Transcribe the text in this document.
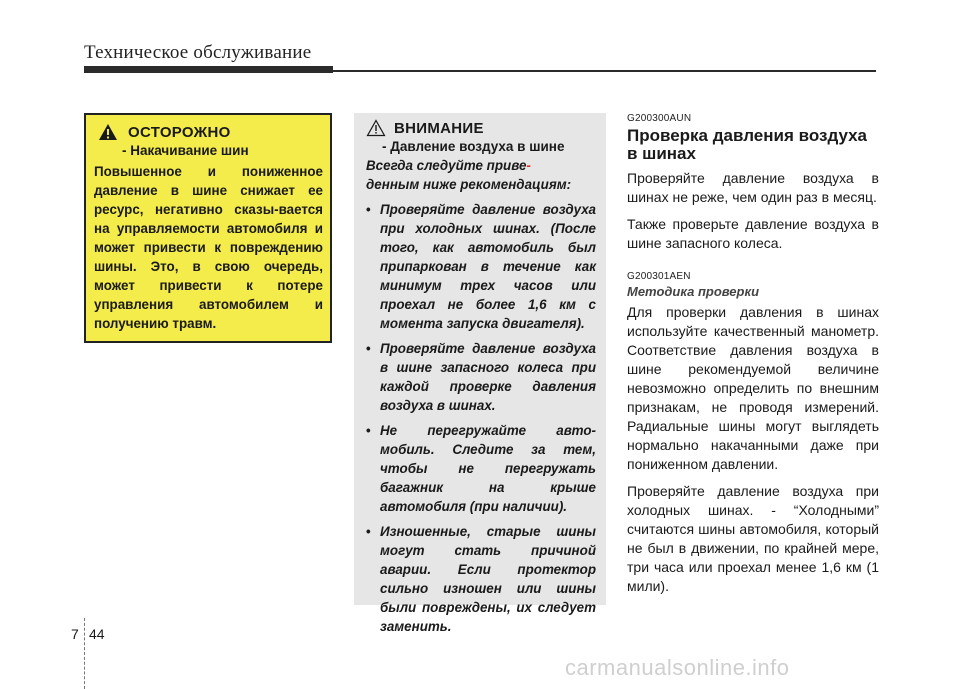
Техническое обслуживание
ОСТОРОЖНО
- Накачивание шин
Повышенное и пониженное давление в шине снижает ее ресурс, негативно сказы-вается на управляемости автомобиля и может привести к повреждению шины. Это, в свою очередь, может привести к потере управления автомобилем и получению травм.
ВНИМАНИЕ
- Давление воздуха в шине
Всегда следуйте приве-
денным ниже рекомендациям:
• Проверяйте давление воздуха при холодных шинах. (После того, как автомобиль был припаркован в течение как минимум трех часов или проехал не более 1,6 км с момента запуска двигателя).
• Проверяйте давление воздуха в шине запасного колеса при каждой проверке давления воздуха в шинах.
• Не перегружайте авто-мобиль. Следите за тем, чтобы не перегружать багажник на крыше автомобиля (при наличии).
• Изношенные, старые шины могут стать причиной аварии. Если протектор сильно изношен или шины были повреждены, их следует заменить.
G200300AUN
Проверка давления воздуха в шинах

Проверяйте давление воздуха в шинах не реже, чем один раз в месяц.

Также проверьте давление воздуха в шине запасного колеса.

G200301AEN
Методика проверки

Для проверки давления в шинах используйте качественный манометр. Соответствие давления воздуха в шине рекомендуемой величине невозможно определить по внешним признакам, не проводя измерений. Радиальные шины могут выглядеть нормально накачанными даже при пониженном давлении.

Проверяйте давление воздуха при холодных шинах. - “Холодными” считаются шины автомобиля, который не был в движении, по крайней мере, три часа или проехал менее 1,6 км (1 мили).

7 44
carmanualsonline.info
